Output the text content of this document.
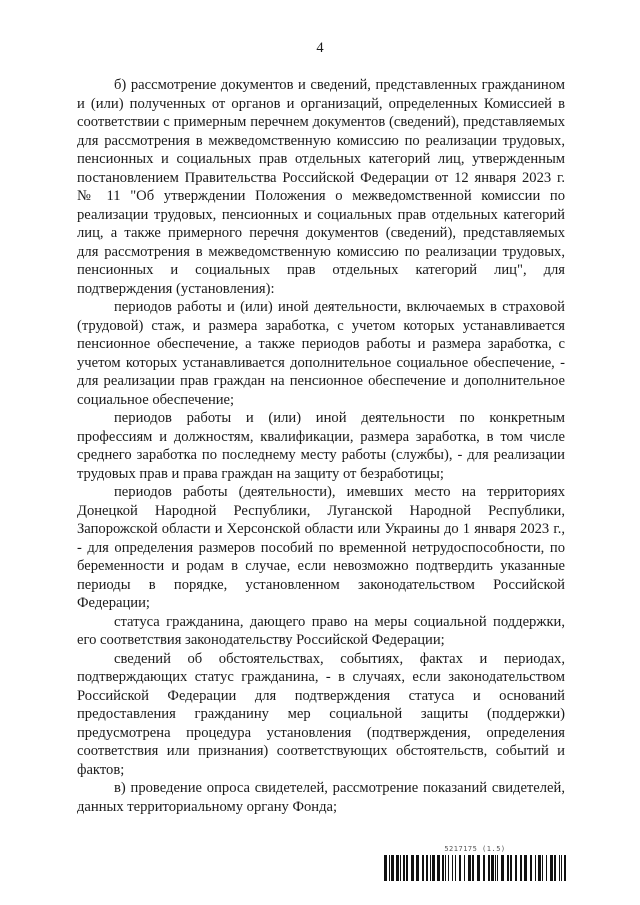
4

б) рассмотрение документов и сведений, представленных гражданином и (или) полученных от органов и организаций, определенных Комиссией в соответствии с примерным перечнем документов (сведений), представляемых для рассмотрения в межведомственную комиссию по реализации трудовых, пенсионных и социальных прав отдельных категорий лиц, утвержденным постановлением Правительства Российской Федерации от 12 января 2023 г. № 11 "Об утверждении Положения о межведомственной комиссии по реализации трудовых, пенсионных и социальных прав отдельных категорий лиц, а также примерного перечня документов (сведений), представляемых для рассмотрения в межведомственную комиссию по реализации трудовых, пенсионных и социальных прав отдельных категорий лиц", для подтверждения (установления):

периодов работы и (или) иной деятельности, включаемых в страховой (трудовой) стаж, и размера заработка, с учетом которых устанавливается пенсионное обеспечение, а также периодов работы и размера заработка, с учетом которых устанавливается дополнительное социальное обеспечение, - для реализации прав граждан на пенсионное обеспечение и дополнительное социальное обеспечение;

периодов работы и (или) иной деятельности по конкретным профессиям и должностям, квалификации, размера заработка, в том числе среднего заработка по последнему месту работы (службы), - для реализации трудовых прав и права граждан на защиту от безработицы;

периодов работы (деятельности), имевших место на территориях Донецкой Народной Республики, Луганской Народной Республики, Запорожской области и Херсонской области или Украины до 1 января 2023 г., - для определения размеров пособий по временной нетрудоспособности, по беременности и родам в случае, если невозможно подтвердить указанные периоды в порядке, установленном законодательством Российской Федерации;

статуса гражданина, дающего право на меры социальной поддержки, его соответствия законодательству Российской Федерации;

сведений об обстоятельствах, событиях, фактах и периодах, подтверждающих статус гражданина, - в случаях, если законодательством Российской Федерации для подтверждения статуса и оснований предоставления гражданину мер социальной защиты (поддержки) предусмотрена процедура установления (подтверждения, определения соответствия или признания) соответствующих обстоятельств, событий и фактов;

в) проведение опроса свидетелей, рассмотрение показаний свидетелей, данных территориальному органу Фонда;

5217175 (1.5)
